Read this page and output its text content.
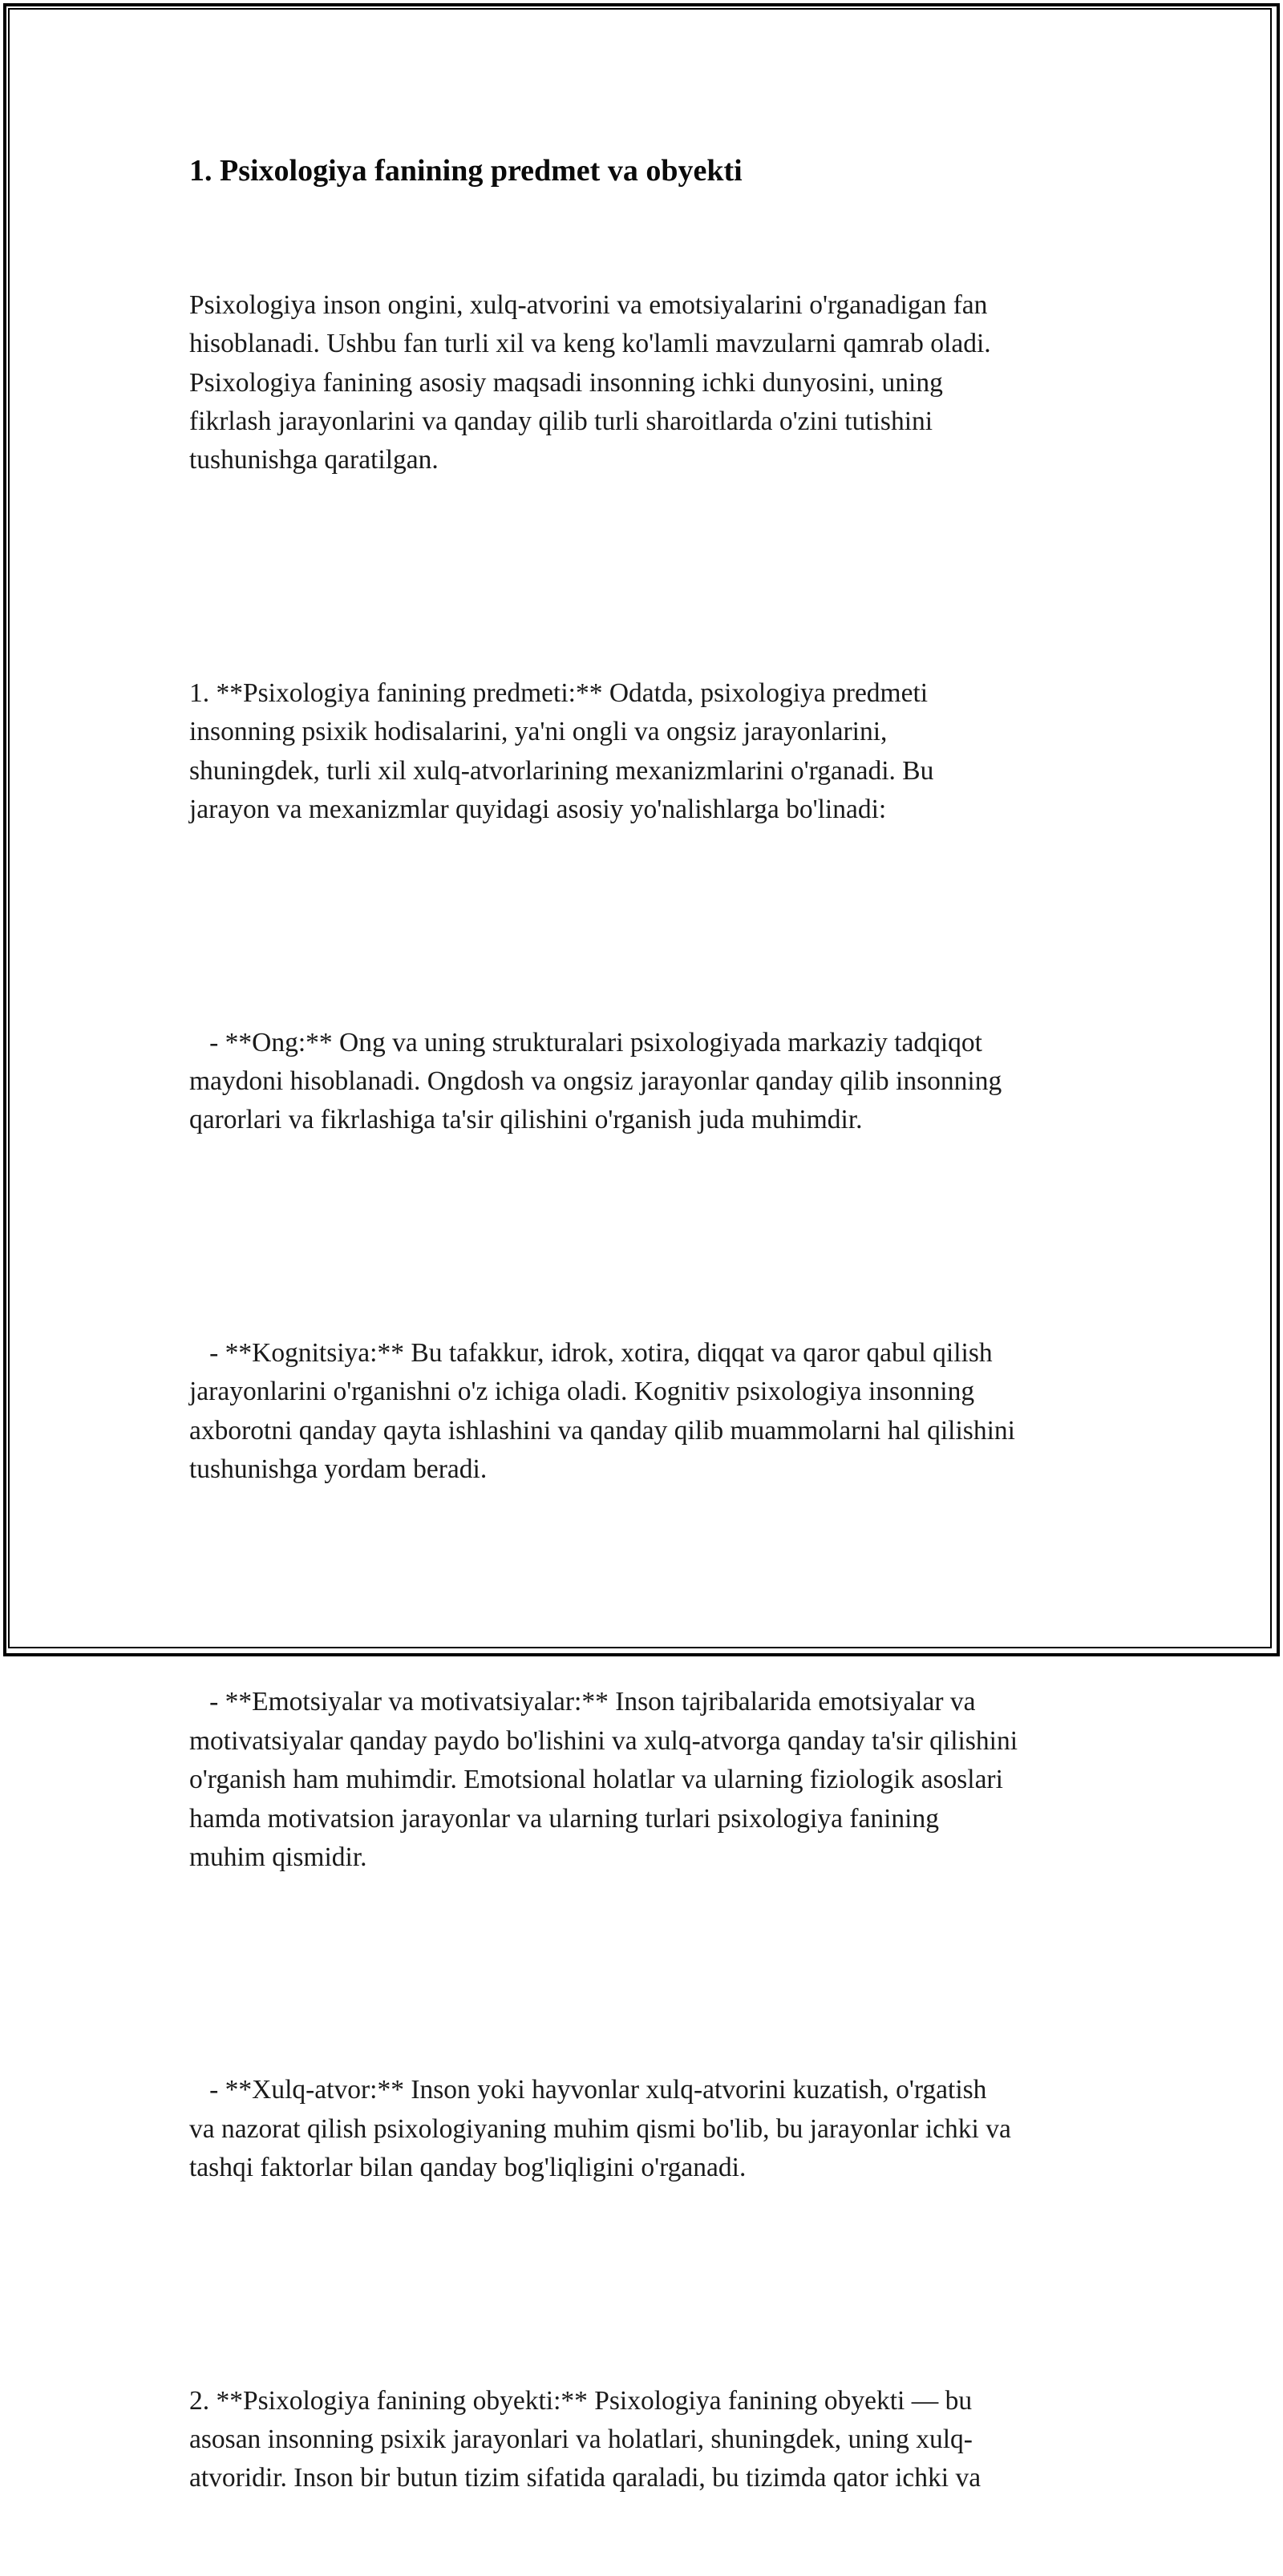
1. Psixologiya fanining predmet va obyekti

Psixologiya inson ongini, xulq-atvorini va emotsiyalarini o'rganadigan fan
hisoblanadi. Ushbu fan turli xil va keng ko'lamli mavzularni qamrab oladi.
Psixologiya fanining asosiy maqsadi insonning ichki dunyosini, uning
fikrlash jarayonlarini va qanday qilib turli sharoitlarda o'zini tutishini
tushunishga qaratilgan.

1. **Psixologiya fanining predmeti:** Odatda, psixologiya predmeti
insonning psixik hodisalarini, ya'ni ongli va ongsiz jarayonlarini,
shuningdek, turli xil xulq-atvorlarining mexanizmlarini o'rganadi. Bu
jarayon va mexanizmlar quyidagi asosiy yo'nalishlarga bo'linadi:

- **Ong:** Ong va uning strukturalari psixologiyada markaziy tadqiqot
maydoni hisoblanadi. Ongdosh va ongsiz jarayonlar qanday qilib insonning
qarorlari va fikrlashiga ta'sir qilishini o'rganish juda muhimdir.

- **Kognitsiya:** Bu tafakkur, idrok, xotira, diqqat va qaror qabul qilish
jarayonlarini o'rganishni o'z ichiga oladi. Kognitiv psixologiya insonning
axborotni qanday qayta ishlashini va qanday qilib muammolarni hal qilishini
tushunishga yordam beradi.

- **Emotsiyalar va motivatsiyalar:** Inson tajribalarida emotsiyalar va
motivatsiyalar qanday paydo bo'lishini va xulq-atvorga qanday ta'sir qilishini
o'rganish ham muhimdir. Emotsional holatlar va ularning fiziologik asoslari
hamda motivatsion jarayonlar va ularning turlari psixologiya fanining
muhim qismidir.

- **Xulq-atvor:** Inson yoki hayvonlar xulq-atvorini kuzatish, o'rgatish
va nazorat qilish psixologiyaning muhim qismi bo'lib, bu jarayonlar ichki va
tashqi faktorlar bilan qanday bog'liqligini o'rganadi.

2. **Psixologiya fanining obyekti:** Psixologiya fanining obyekti — bu
asosan insonning psixik jarayonlari va holatlari, shuningdek, uning xulq-
atvoridir. Inson bir butun tizim sifatida qaraladi, bu tizimda qator ichki va
